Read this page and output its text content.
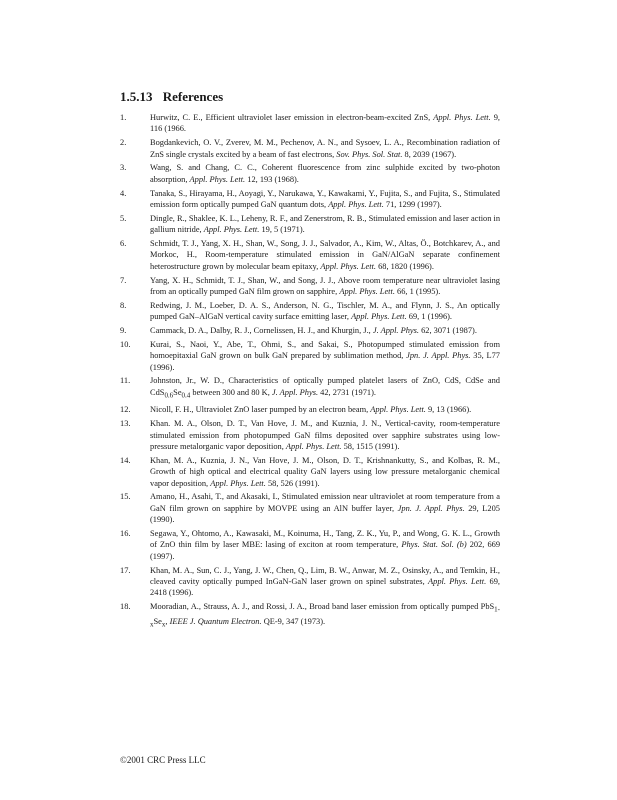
1.5.13 References
1.	Hurwitz, C. E., Efficient ultraviolet laser emission in electron-beam-excited ZnS, Appl. Phys. Lett. 9, 116 (1966.
2.	Bogdankevich, O. V., Zverev, M. M., Pechenov, A. N., and Sysoev, L. A., Recombination radiation of ZnS single crystals excited by a beam of fast electrons, Sov. Phys. Sol. Stat. 8, 2039 (1967).
3.	Wang, S. and Chang, C. C., Coherent fluorescence from zinc sulphide excited by two-photon absorption, Appl. Phys. Lett. 12, 193 (1968).
4.	Tanaka, S., Hirayama, H., Aoyagi, Y., Narukawa, Y., Kawakami, Y., Fujita, S., and Fujita, S., Stimulated emission form optically pumped GaN quantum dots, Appl. Phys. Lett. 71, 1299 (1997).
5.	Dingle, R., Shaklee, K. L., Leheny, R. F., and Zenerstrom, R. B., Stimulated emission and laser action in gallium nitride, Appl. Phys. Lett. 19, 5 (1971).
6.	Schmidt, T. J., Yang, X. H., Shan, W., Song, J. J., Salvador, A., Kim, W., Altas, Ö., Botchkarev, A., and Morkoc, H., Room-temperature stimulated emission in GaN/AlGaN separate confinement heterostructure grown by molecular beam epitaxy, Appl. Phys. Lett. 68, 1820 (1996).
7.	Yang, X. H., Schmidt, T. J., Shan, W., and Song, J. J., Above room temperature near ultraviolet lasing from an optically pumped GaN film grown on sapphire, Appl. Phys. Lett. 66, 1 (1995).
8.	Redwing, J. M., Loeber, D. A. S., Anderson, N. G., Tischler, M. A., and Flynn, J. S., An optically pumped GaN–AlGaN vertical cavity surface emitting laser, Appl. Phys. Lett. 69, 1 (1996).
9.	Cammack, D. A., Dalby, R. J., Cornelissen, H. J., and Khurgin, J., J. Appl. Phys. 62, 3071 (1987).
10.	Kurai, S., Naoi, Y., Abe, T., Ohmi, S., and Sakai, S., Photopumped stimulated emission from homoepitaxial GaN grown on bulk GaN prepared by sublimation method, Jpn. J. Appl. Phys. 35, L77 (1996).
11.	Johnston, Jr., W. D., Characteristics of optically pumped platelet lasers of ZnO, CdS, CdSe and $CdS_{0.6}Se_{0.4}$ between 300 and 80 K, J. Appl. Phys. 42, 2731 (1971).
12.	Nicoll, F. H., Ultraviolet ZnO laser pumped by an electron beam, Appl. Phys. Lett. 9, 13 (1966).
13.	Khan. M. A., Olson, D. T., Van Hove, J. M., and Kuznia, J. N., Vertical-cavity, room-temperature stimulated emission from photopumped GaN films deposited over sapphire substrates using low-pressure metalorganic vapor deposition, Appl. Phys. Lett. 58, 1515 (1991).
14.	Khan, M. A., Kuznia, J. N., Van Hove, J. M., Olson, D. T., Krishnankutty, S., and Kolbas, R. M., Growth of high optical and electrical quality GaN layers using low pressure metalorganic chemical vapor deposition, Appl. Phys. Lett. 58, 526 (1991).
15.	Amano, H., Asahi, T., and Akasaki, I., Stimulated emission near ultraviolet at room temperature from a GaN film grown on sapphire by MOVPE using an AlN buffer layer, Jpn. J. Appl. Phys. 29, L205 (1990).
16.	Segawa, Y., Ohtomo, A., Kawasaki, M., Koinuma, H., Tang, Z. K., Yu, P., and Wong, G. K. L., Growth of ZnO thin film by laser MBE: lasing of exciton at room temperature, Phys. Stat. Sol. (b) 202, 669 (1997).
17.	Khan, M. A., Sun, C. J., Yang, J. W., Chen, Q., Lim, B. W., Anwar, M. Z., Osinsky, A., and Temkin, H., cleaved cavity optically pumped InGaN-GaN laser grown on spinel substrates, Appl. Phys. Lett. 69, 2418 (1996).
18.	Mooradian, A., Strauss, A. J., and Rossi, J. A., Broad band laser emission from optically pumped $PbS_{1-x}Se_x$, IEEE J. Quantum Electron. QE-9, 347 (1973).
©2001 CRC Press LLC
